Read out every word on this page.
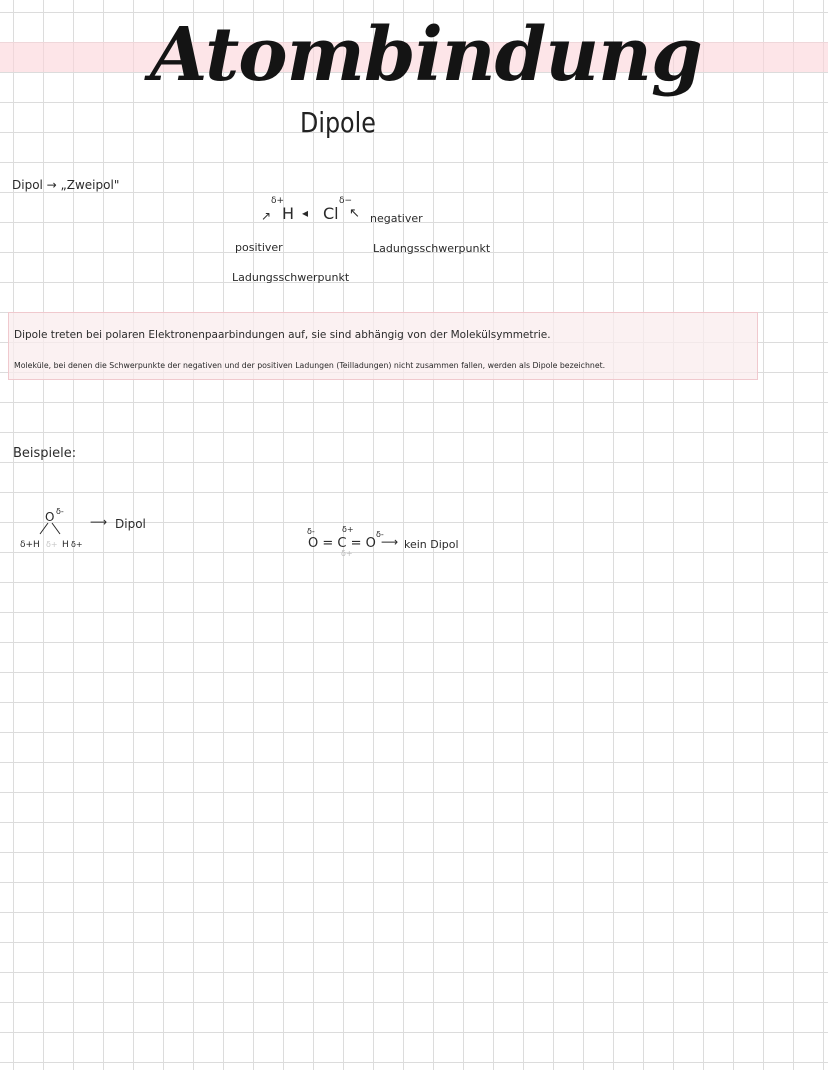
Atombindung
Dipole
Dipol → „Zweipol"
↗
δ+
H ◂ Cl
δ−
↖ negativer
positiver	Ladungsschwerpunkt
Ladungsschwerpunkt
Dipole treten bei polaren Elektronenpaarbindungen auf, sie sind abhängig von der Molekülsymmetrie.
Moleküle, bei denen die Schwerpunkte der negativen und der positiven Ladungen (Teilladungen) nicht zusammen fallen, werden als Dipole bezeichnet.
Beispiele:
O δ-
δ+H δ+ H δ+
⟶ Dipol
δ-	δ+
δ+
δ-
O = C = O ⟶ kein Dipol
